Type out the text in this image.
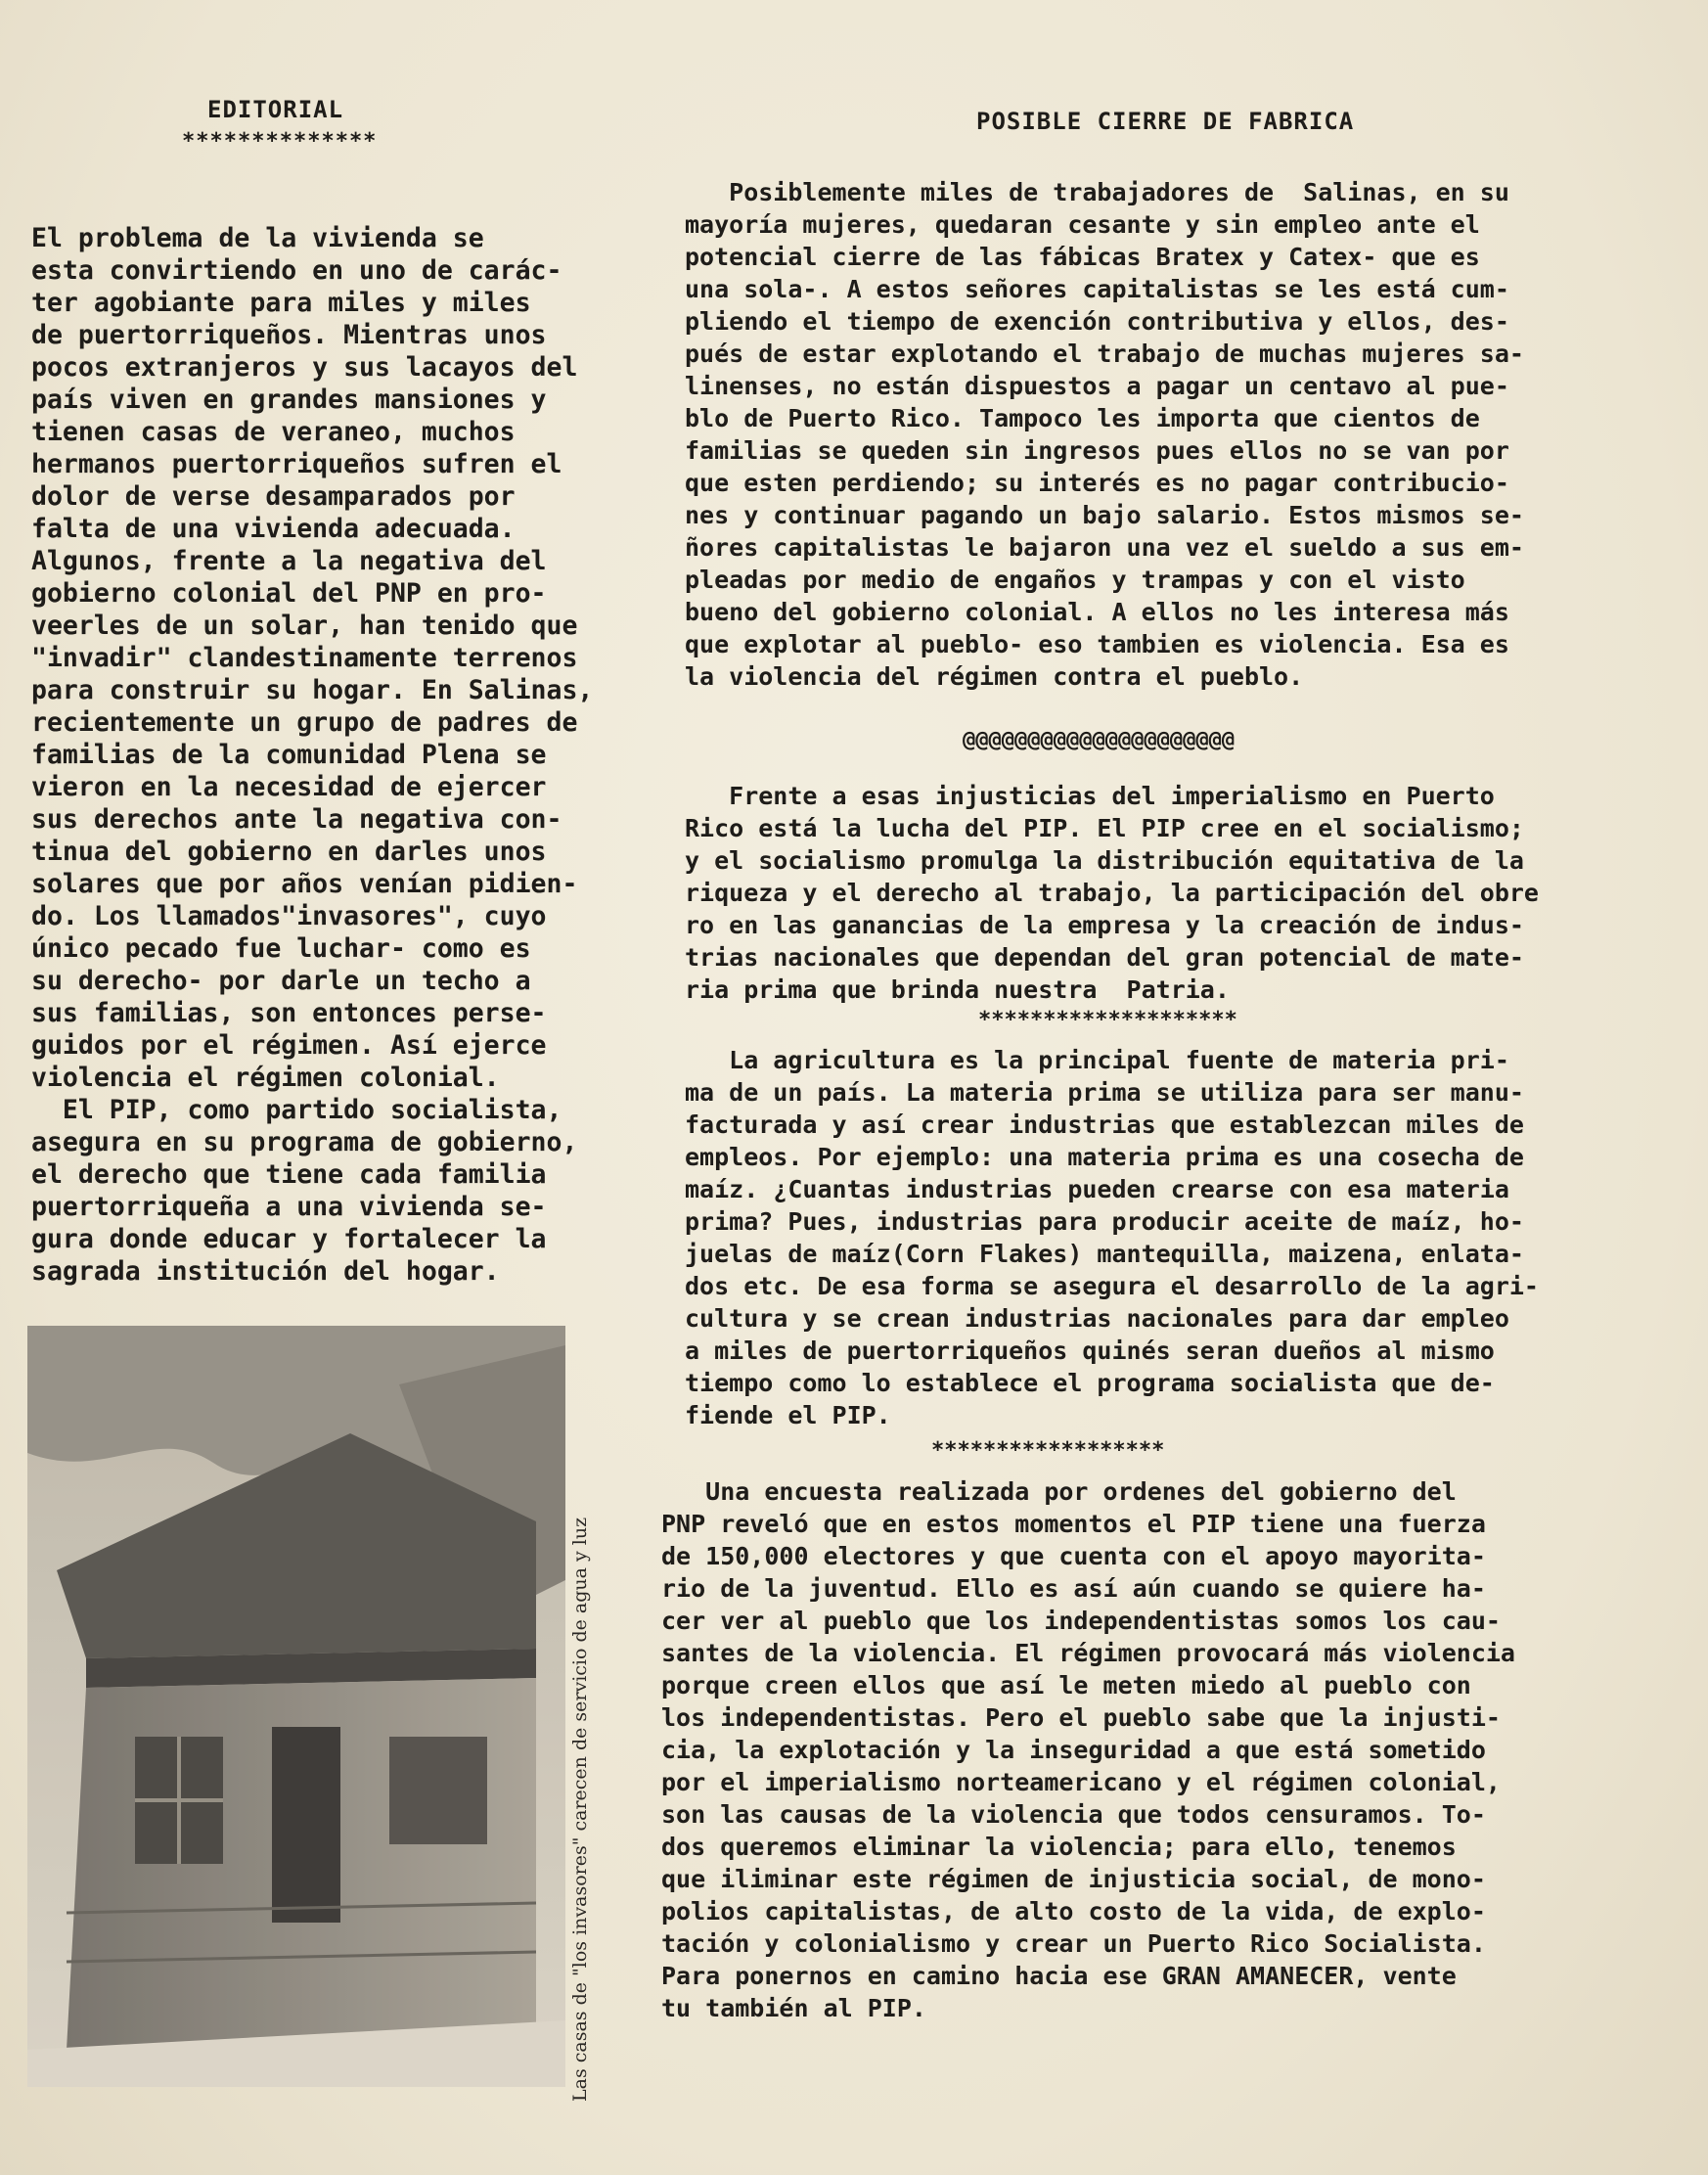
EDITORIAL
**************
El problema de la vivienda se
esta convirtiendo en uno de carác-
ter agobiante para miles y miles
de puertorriqueños. Mientras unos
pocos extranjeros y sus lacayos del
país viven en grandes mansiones y
tienen casas de veraneo, muchos
hermanos puertorriqueños sufren el
dolor de verse desamparados por
falta de una vivienda adecuada.
Algunos, frente a la negativa del
gobierno colonial del PNP en pro-
veerles de un solar, han tenido que
"invadir" clandestinamente terrenos
para construir su hogar. En Salinas,
recientemente un grupo de padres de
familias de la comunidad Plena se
vieron en la necesidad de ejercer
sus derechos ante la negativa con-
tinua del gobierno en darles unos
solares que por años venían pidien-
do. Los llamados"invasores", cuyo
único pecado fue luchar- como es
su derecho- por darle un techo a
sus familias, son entonces perse-
guidos por el régimen. Así ejerce
violencia el régimen colonial.
El PIP, como partido socialista,
asegura en su programa de gobierno,
el derecho que tiene cada familia
puertorriqueña a una vivienda se-
gura donde educar y fortalecer la
sagrada institución del hogar.
Las casas de "los invasores" carecen de servicio de agua y luz
POSIBLE CIERRE DE FABRICA
Posiblemente miles de trabajadores de  Salinas, en su
mayoría mujeres, quedaran cesante y sin empleo ante el
potencial cierre de las fábicas Bratex y Catex- que es
una sola-. A estos señores capitalistas se les está cum-
pliendo el tiempo de exención contributiva y ellos, des-
pués de estar explotando el trabajo de muchas mujeres sa-
linenses, no están dispuestos a pagar un centavo al pue-
blo de Puerto Rico. Tampoco les importa que cientos de
familias se queden sin ingresos pues ellos no se van por
que esten perdiendo; su interés es no pagar contribucio-
nes y continuar pagando un bajo salario. Estos mismos se-
ñores capitalistas le bajaron una vez el sueldo a sus em-
pleadas por medio de engaños y trampas y con el visto
bueno del gobierno colonial. A ellos no les interesa más
que explotar al pueblo- eso tambien es violencia. Esa es
la violencia del régimen contra el pueblo.
@@@@@@@@@@@@@@@@@@@@@
Frente a esas injusticias del imperialismo en Puerto
Rico está la lucha del PIP. El PIP cree en el socialismo;
y el socialismo promulga la distribución equitativa de la
riqueza y el derecho al trabajo, la participación del obre
ro en las ganancias de la empresa y la creación de indus-
trias nacionales que dependan del gran potencial de mate-
ria prima que brinda nuestra  Patria.
********************
La agricultura es la principal fuente de materia pri-
ma de un país. La materia prima se utiliza para ser manu-
facturada y así crear industrias que establezcan miles de
empleos. Por ejemplo: una materia prima es una cosecha de
maíz. ¿Cuantas industrias pueden crearse con esa materia
prima? Pues, industrias para producir aceite de maíz, ho-
juelas de maíz(Corn Flakes) mantequilla, maizena, enlata-
dos etc. De esa forma se asegura el desarrollo de la agri-
cultura y se crean industrias nacionales para dar empleo
a miles de puertorriqueños quinés seran dueños al mismo
tiempo como lo establece el programa socialista que de-
fiende el PIP.
******************
Una encuesta realizada por ordenes del gobierno del
PNP reveló que en estos momentos el PIP tiene una fuerza
de 150,000 electores y que cuenta con el apoyo mayorita-
rio de la juventud. Ello es así aún cuando se quiere ha-
cer ver al pueblo que los independentistas somos los cau-
santes de la violencia. El régimen provocará más violencia
porque creen ellos que así le meten miedo al pueblo con
los independentistas. Pero el pueblo sabe que la injusti-
cia, la explotación y la inseguridad a que está sometido
por el imperialismo norteamericano y el régimen colonial,
son las causas de la violencia que todos censuramos. To-
dos queremos eliminar la violencia; para ello, tenemos
que iliminar este régimen de injusticia social, de mono-
polios capitalistas, de alto costo de la vida, de explo-
tación y colonialismo y crear un Puerto Rico Socialista.
Para ponernos en camino hacia ese GRAN AMANECER, vente
tu también al PIP.
